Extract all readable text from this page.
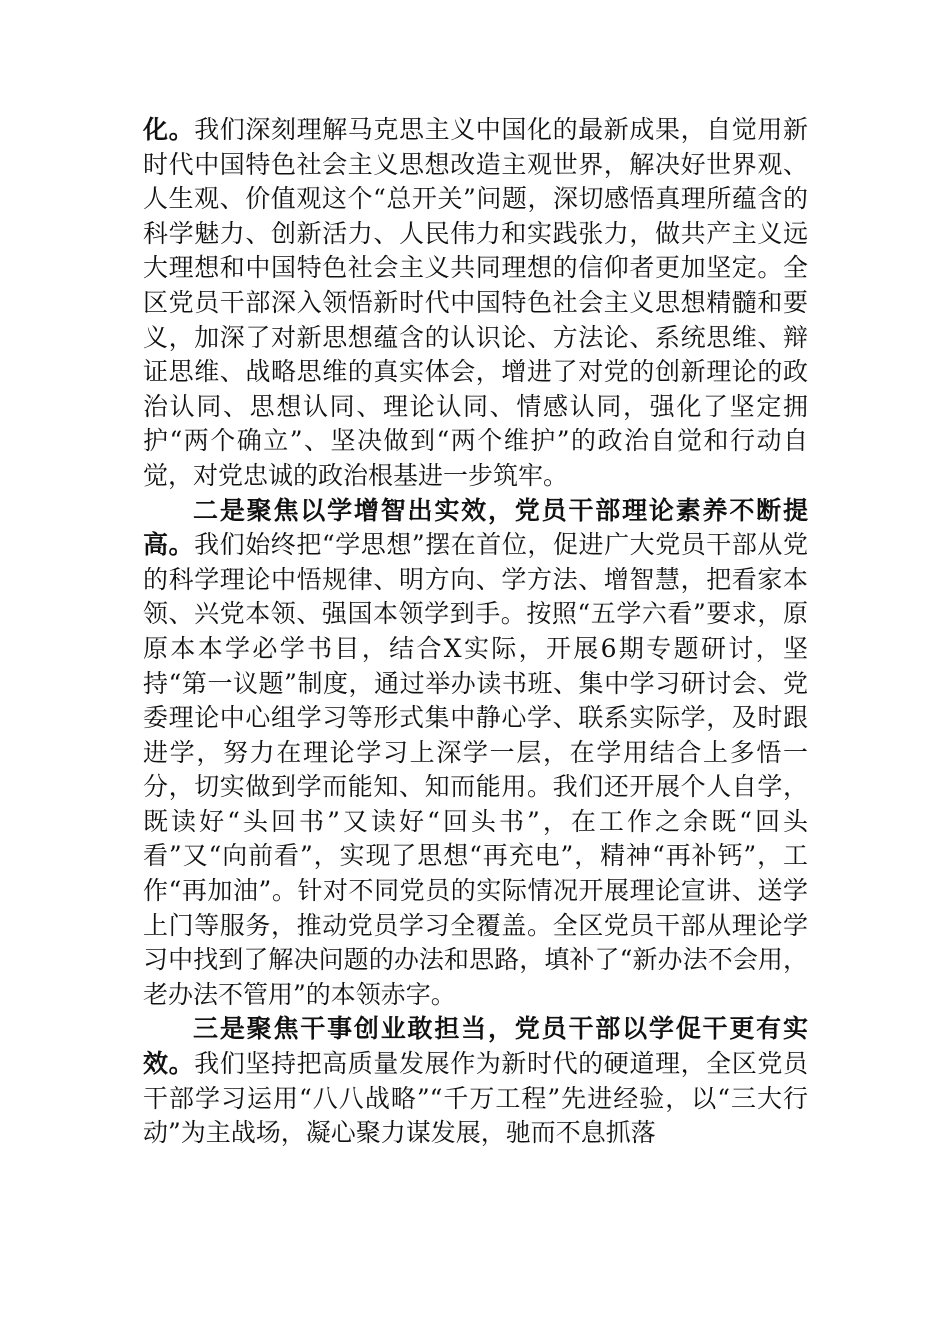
化。我们深刻理解马克思主义中国化的最新成果，自觉用新时代中国特色社会主义思想改造主观世界，解决好世界观、人生观、价值观这个“总开关”问题，深切感悟真理所蕴含的科学魅力、创新活力、人民伟力和实践张力，做共产主义远大理想和中国特色社会主义共同理想的信仰者更加坚定。全区党员干部深入领悟新时代中国特色社会主义思想精髓和要义，加深了对新思想蕴含的认识论、方法论、系统思维、辩证思维、战略思维的真实体会，增进了对党的创新理论的政治认同、思想认同、理论认同、情感认同，强化了坚定拥护“两个确立”、坚决做到“两个维护”的政治自觉和行动自觉，对党忠诚的政治根基进一步筑牢。

二是聚焦以学增智出实效，党员干部理论素养不断提高。我们始终把“学思想”摆在首位，促进广大党员干部从党的科学理论中悟规律、明方向、学方法、增智慧，把看家本领、兴党本领、强国本领学到手。按照“五学六看”要求，原原本本学必学书目，结合X实际，开展6期专题研讨，坚持“第一议题”制度，通过举办读书班、集中学习研讨会、党委理论中心组学习等形式集中静心学、联系实际学，及时跟进学，努力在理论学习上深学一层，在学用结合上多悟一分，切实做到学而能知、知而能用。我们还开展个人自学，既读好“头回书”又读好“回头书”，在工作之余既“回头看”又“向前看”，实现了思想“再充电”，精神“再补钙”，工作“再加油”。针对不同党员的实际情况开展理论宣讲、送学上门等服务，推动党员学习全覆盖。全区党员干部从理论学习中找到了解决问题的办法和思路，填补了“新办法不会用，老办法不管用”的本领赤字。

三是聚焦干事创业敢担当，党员干部以学促干更有实效。我们坚持把高质量发展作为新时代的硬道理，全区党员干部学习运用“八八战略”“千万工程”先进经验，以“三大行动”为主战场，凝心聚力谋发展，驰而不息抓落
